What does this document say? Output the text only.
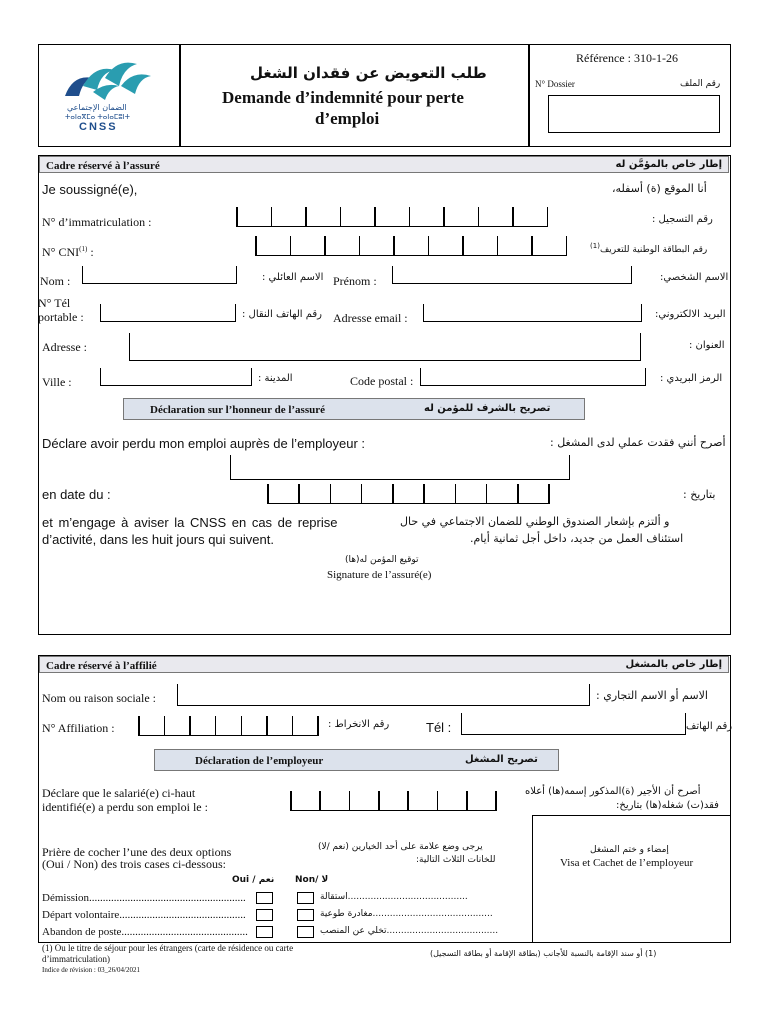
الضمان الإجتماعي
ⵜⴰⵏⴰⴳⵎⴰ ⵜⴰⵏⴰⵎⵓⵏⵜ
CNSS
طلب التعويض عن فقدان الشغل
Demande d’indemnité pour perte
d’emploi
Référence : 310-1-26
N° Dossier	رقم الملف
Cadre réservé à l’assuré	إطار خاص بالمؤمَّن له
Je soussigné(e),	أنا الموقع (ة) أسفله،
N° d’immatriculation :	رقم التسجيل :
N° CNI$^{(1)}$ :	رقم البطاقة الوطنية للتعريف$^{(1)}$
Nom :	الاسم العائلي : Prénom :	الاسم الشخصي:
N° Tél
portable :	رقم الهاتف النقال : Adresse email :	البريد الالكتروني:
Adresse :	العنوان :
Ville :	المدينة :	Code postal :	الرمز البريدي :
Déclaration sur l’honneur de l’assuré	تصريح بالشرف للمؤمن له
Déclare avoir perdu mon emploi auprès de l’employeur :	أصرح أنني فقدت عملي لدى المشغل :
en date du :	بتاريخ :
et m’engage à aviser la CNSS en cas de reprise
d’activité, dans les huit jours qui suivent.
و ألتزم بإشعار الصندوق الوطني للضمان الاجتماعي في حال
استئناف العمل من جديد، داخل أجل ثمانية أيام.
توقيع المؤمن له(ها)
Signature de l’assuré(e)
Cadre réservé à l’affilié	إطار خاص بالمشغل
Nom ou raison sociale :	الاسم أو الاسم التجاري :
N° Affiliation :	رقم الانخراط :	Tél :	رقم الهاتف
Déclaration de l’employeur	تصريح المشغل
Déclare que le salarié(e) ci-haut
identifié(e) a perdu son emploi le :
أصرح أن الأجير (ة)المذكور إسمه(ها) أعلاه
فقد(ت) شغله(ها) بتاريخ:
إمضاء و ختم المشغل
Visa et Cachet de l’employeur
Prière de cocher l’une des deux options
(Oui / Non) des trois cases ci-dessous:
يرجى وضع علامة على أحد الخيارين (نعم /لا)
للخانات الثلاث التالية:
Oui / نعم Non/ لا
Démission.........................................................	..........................................استقالة
Départ volontaire..............................................	..........................................مغادرة طوعية
Abandon de poste..............................................	.......................................تخلي عن المنصب
(1) Ou le titre de séjour pour les étrangers (carte de résidence ou carte
d’immatriculation)
(1) أو سند الإقامة بالنسبة للأجانب (بطاقة الإقامة أو بطاقة التسجيل)
Indice de révision : 03_26/04/2021
